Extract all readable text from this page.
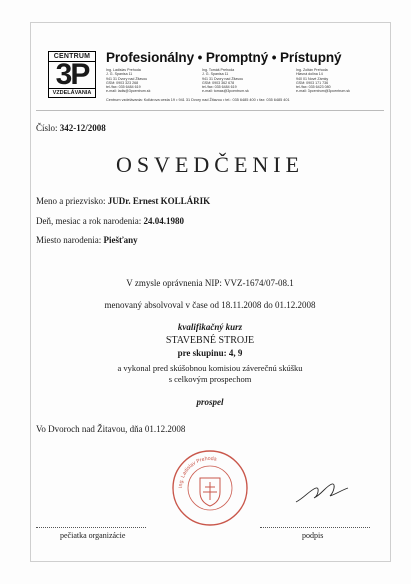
CENTRUM
3P
VZDELÁVANIA
Profesionálny • Promptný • Prístupný
Ing. Ladislav Prehoda
J. G. Spanisa 11
941 31 Dvory nad Žitavou
GSM: 0903 323 268
tel./fax: 035 6484 619
e-mail: ladis@3pcentrum.sk
Ing. Tomáš Prehoda
J. G. Spanisa 11
941 31 Dvory nad Žitavou
GSM: 0903 362 678
tel./fax: 035 6484 619
e-mail: tomas@3pcentrum.sk
Ing. Zoltán Prehoda
Hlavná dolina 14
940 01 Nové Zámky
GSM: 0903 171 736
tel./fax: 035 6423 080
e-mail: 3pcentrum@3pcentrum.sk
Centrum vzdelávania: Kollárova cesta 19 • 941 31 Dvory nad Žitavou • tel.: 035 6485 400 • fax: 035 6485 401
Číslo: 342-12/2008
OSVEDČENIE
Meno a priezvisko: JUDr. Ernest KOLLÁRIK
Deň, mesiac a rok narodenia: 24.04.1980
Miesto narodenia: Piešťany
V zmysle oprávnenia NIP: VVZ-1674/07-08.1
menovaný absolvoval v čase od 18.11.2008 do 01.12.2008
kvalifikačný kurz
STAVEBNÉ STROJE
pre skupinu: 4, 9
a vykonal pred skúšobnou komisiou záverečnú skúšku
s celkovým prospechom
prospel
Vo Dvoroch nad Žitavou, dňa 01.12.2008
Ing. Ladislav Prehoda
pečiatka organizácie	podpis
